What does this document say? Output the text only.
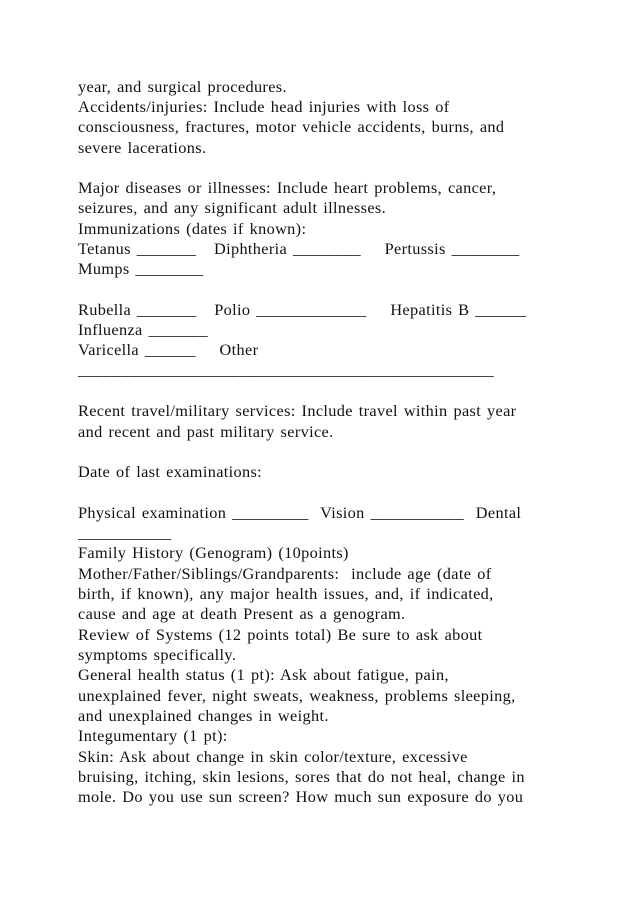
year, and surgical procedures.
Accidents/injuries: Include head injuries with loss of
consciousness, fractures, motor vehicle accidents, burns, and
severe lacerations.
Major diseases or illnesses: Include heart problems, cancer,
seizures, and any significant adult illnesses.
Immunizations (dates if known):
Tetanus _______   Diphtheria ________    Pertussis ________
Mumps ________
Rubella _______   Polio _____________    Hepatitis B ______
Influenza _______
Varicella ______    Other
_________________________________________________
Recent travel/military services: Include travel within past year
and recent and past military service.
Date of last examinations:
Physical examination _________  Vision ___________  Dental
___________
Family History (Genogram) (10points)
Mother/Father/Siblings/Grandparents:  include age (date of
birth, if known), any major health issues, and, if indicated,
cause and age at death Present as a genogram.
Review of Systems (12 points total) Be sure to ask about
symptoms specifically.
General health status (1 pt): Ask about fatigue, pain,
unexplained fever, night sweats, weakness, problems sleeping,
and unexplained changes in weight.
Integumentary (1 pt):
Skin: Ask about change in skin color/texture, excessive
bruising, itching, skin lesions, sores that do not heal, change in
mole. Do you use sun screen? How much sun exposure do you
